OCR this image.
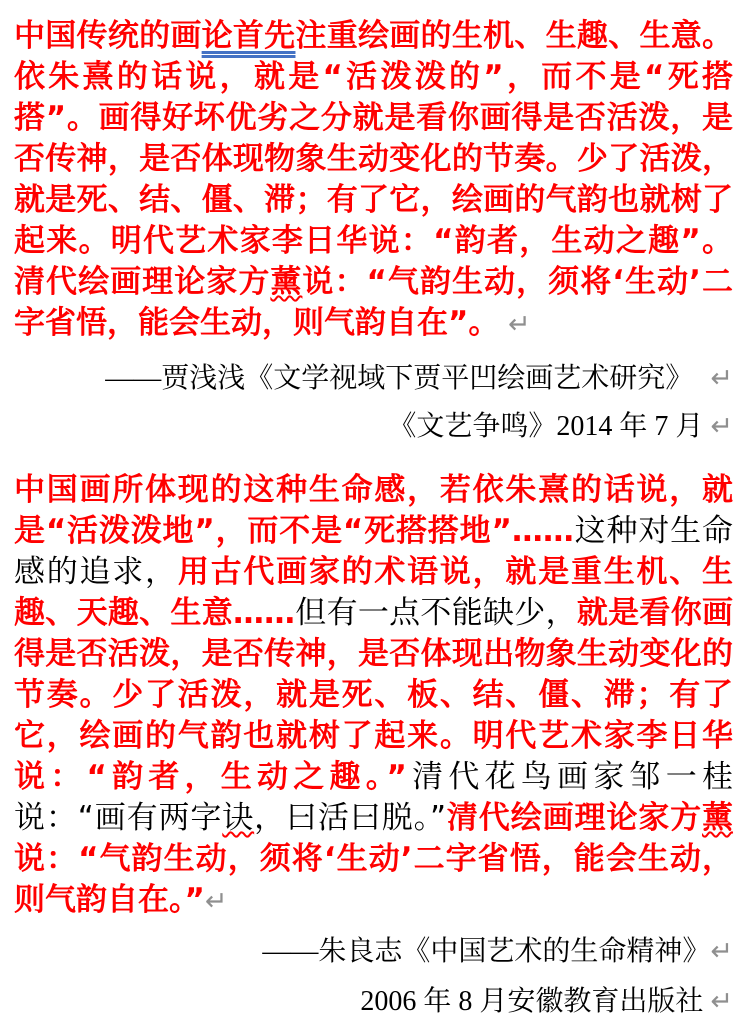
中国传统的画论首先注重绘画的生机、生趣、生意。依朱熹的话说，就是“活泼泼的”，而不是“死搭搭”。画得好坏优劣之分就是看你画得是否活泼，是否传神，是否体现物象生动变化的节奏。少了活泼，就是死、结、僵、滞；有了它，绘画的气韵也就树了起来。明代艺术家李日华说：“韵者，生动之趣”。清代绘画理论家方薰说：“气韵生动，须将‘生动’二字省悟，能会生动，则气韵自在”。 ↵

——贾浅浅《文学视域下贾平凹绘画艺术研究》  ↵

《文艺争鸣》2014 年 7 月 ↵

中国画所体现的这种生命感，若依朱熹的话说，就是“活泼泼地”，而不是“死搭搭地”……这种对生命感的追求，用古代画家的术语说，就是重生机、生趣、天趣、生意……但有一点不能缺少，就是看你画得是否活泼，是否传神，是否体现出物象生动变化的节奏。少了活泼，就是死、板、结、僵、滞；有了它，绘画的气韵也就树了起来。明代艺术家李日华说：“韵者，生动之趣。”清代花鸟画家邹一桂说：“画有两字诀，曰活曰脱。”清代绘画理论家方薰说：“气韵生动，须将‘生动’二字省悟，能会生动，则气韵自在。”↵

——朱良志《中国艺术的生命精神》↵

2006 年 8 月安徽教育出版社 ↵
